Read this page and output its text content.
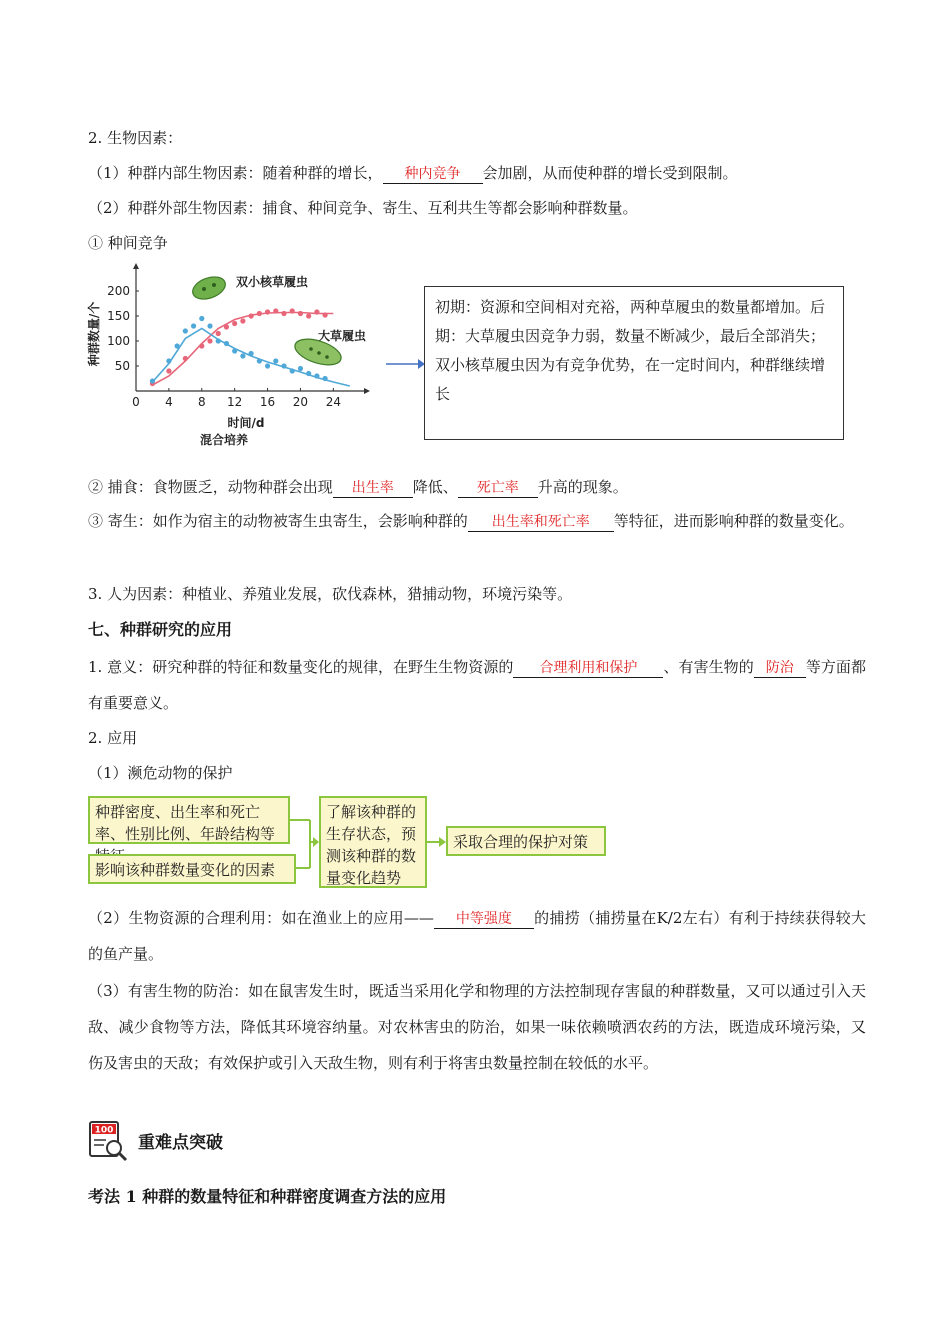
2. 生物因素：
（1）种群内部生物因素：随着种群的增长， 种内竞争 会加剧，从而使种群的增长受到限制。
（2）种群外部生物因素：捕食、种间竞争、寄生、互利共生等都会影响种群数量。
① 种间竞争
0 4 8 12 16 20 24
50
100
150
200
种群数量/个
时间/d
混合培养
双小核草履虫
大草履虫
初期：资源和空间相对充裕，两种草履虫的数量都增加。后期：大草履虫因竞争力弱，数量不断减少，最后全部消失；双小核草履虫因为有竞争优势，在一定时间内，种群继续增长
② 捕食：食物匮乏，动物种群会出现 出生率 降低、 死亡率 升高的现象。
③ 寄生：如作为宿主的动物被寄生虫寄生，会影响种群的 出生率和死亡率 等特征，进而影响种群的数量变化。
3. 人为因素：种植业、养殖业发展，砍伐森林，猎捕动物，环境污染等。
七、种群研究的应用
1. 意义：研究种群的特征和数量变化的规律，在野生生物资源的 合理利用和保护 、有害生物的 防治 等方面都有重要意义。
2. 应用
（1）濒危动物的保护
种群密度、出生率和死亡率、性别比例、年龄结构等
影响该种群数量变化的因素
了解该种群的生存状态，预测该种群的数量变化趋势
采取合理的保护对策
（2）生物资源的合理利用：如在渔业上的应用—— 中等强度 的捕捞（捕捞量在K/2左右）有利于持续获得较大的鱼产量。
（3）有害生物的防治：如在鼠害发生时，既适当采用化学和物理的方法控制现存害鼠的种群数量，又可以通过引入天敌、减少食物等方法，降低其环境容纳量。对农林害虫的防治，如果一味依赖喷洒农药的方法，既造成环境污染，又伤及害虫的天敌；有效保护或引入天敌生物，则有利于将害虫数量控制在较低的水平。
100
重难点突破
考法 1 种群的数量特征和种群密度调查方法的应用
